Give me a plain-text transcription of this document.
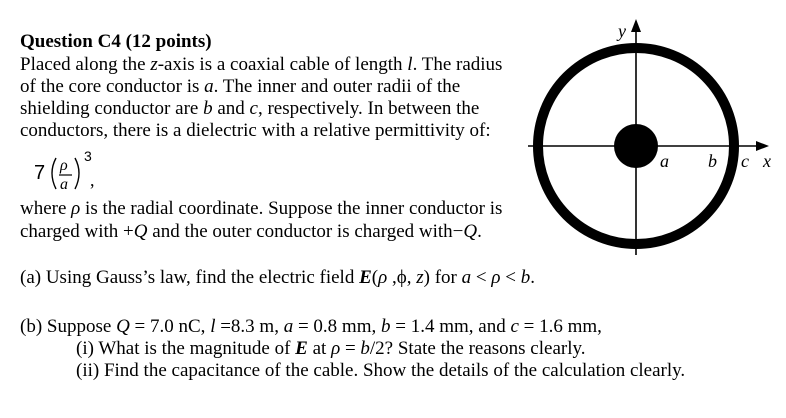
Question C4 (12 points)

Placed along the z-axis is a coaxial cable of length l. The radius

of the core conductor is a. The inner and outer radii of the

shielding conductor are b and c, respectively. In between the

conductors, there is a dielectric with a relative permittivity of:

7 ρ
a
3
,

where ρ is the radial coordinate. Suppose the inner conductor is

charged with +Q and the outer conductor is charged with−Q.

(a) Using Gauss’s law, find the electric field E(ρ ,ϕ, z) for a < ρ < b.

(b) Suppose Q = 7.0 nC, l =8.3 m, a = 0.8 mm, b = 1.4 mm, and c = 1.6 mm,

(i) What is the magnitude of E at ρ = b/2? State the reasons clearly.

(ii) Find the capacitance of the cable. Show the details of the calculation clearly.

y
a b c x
